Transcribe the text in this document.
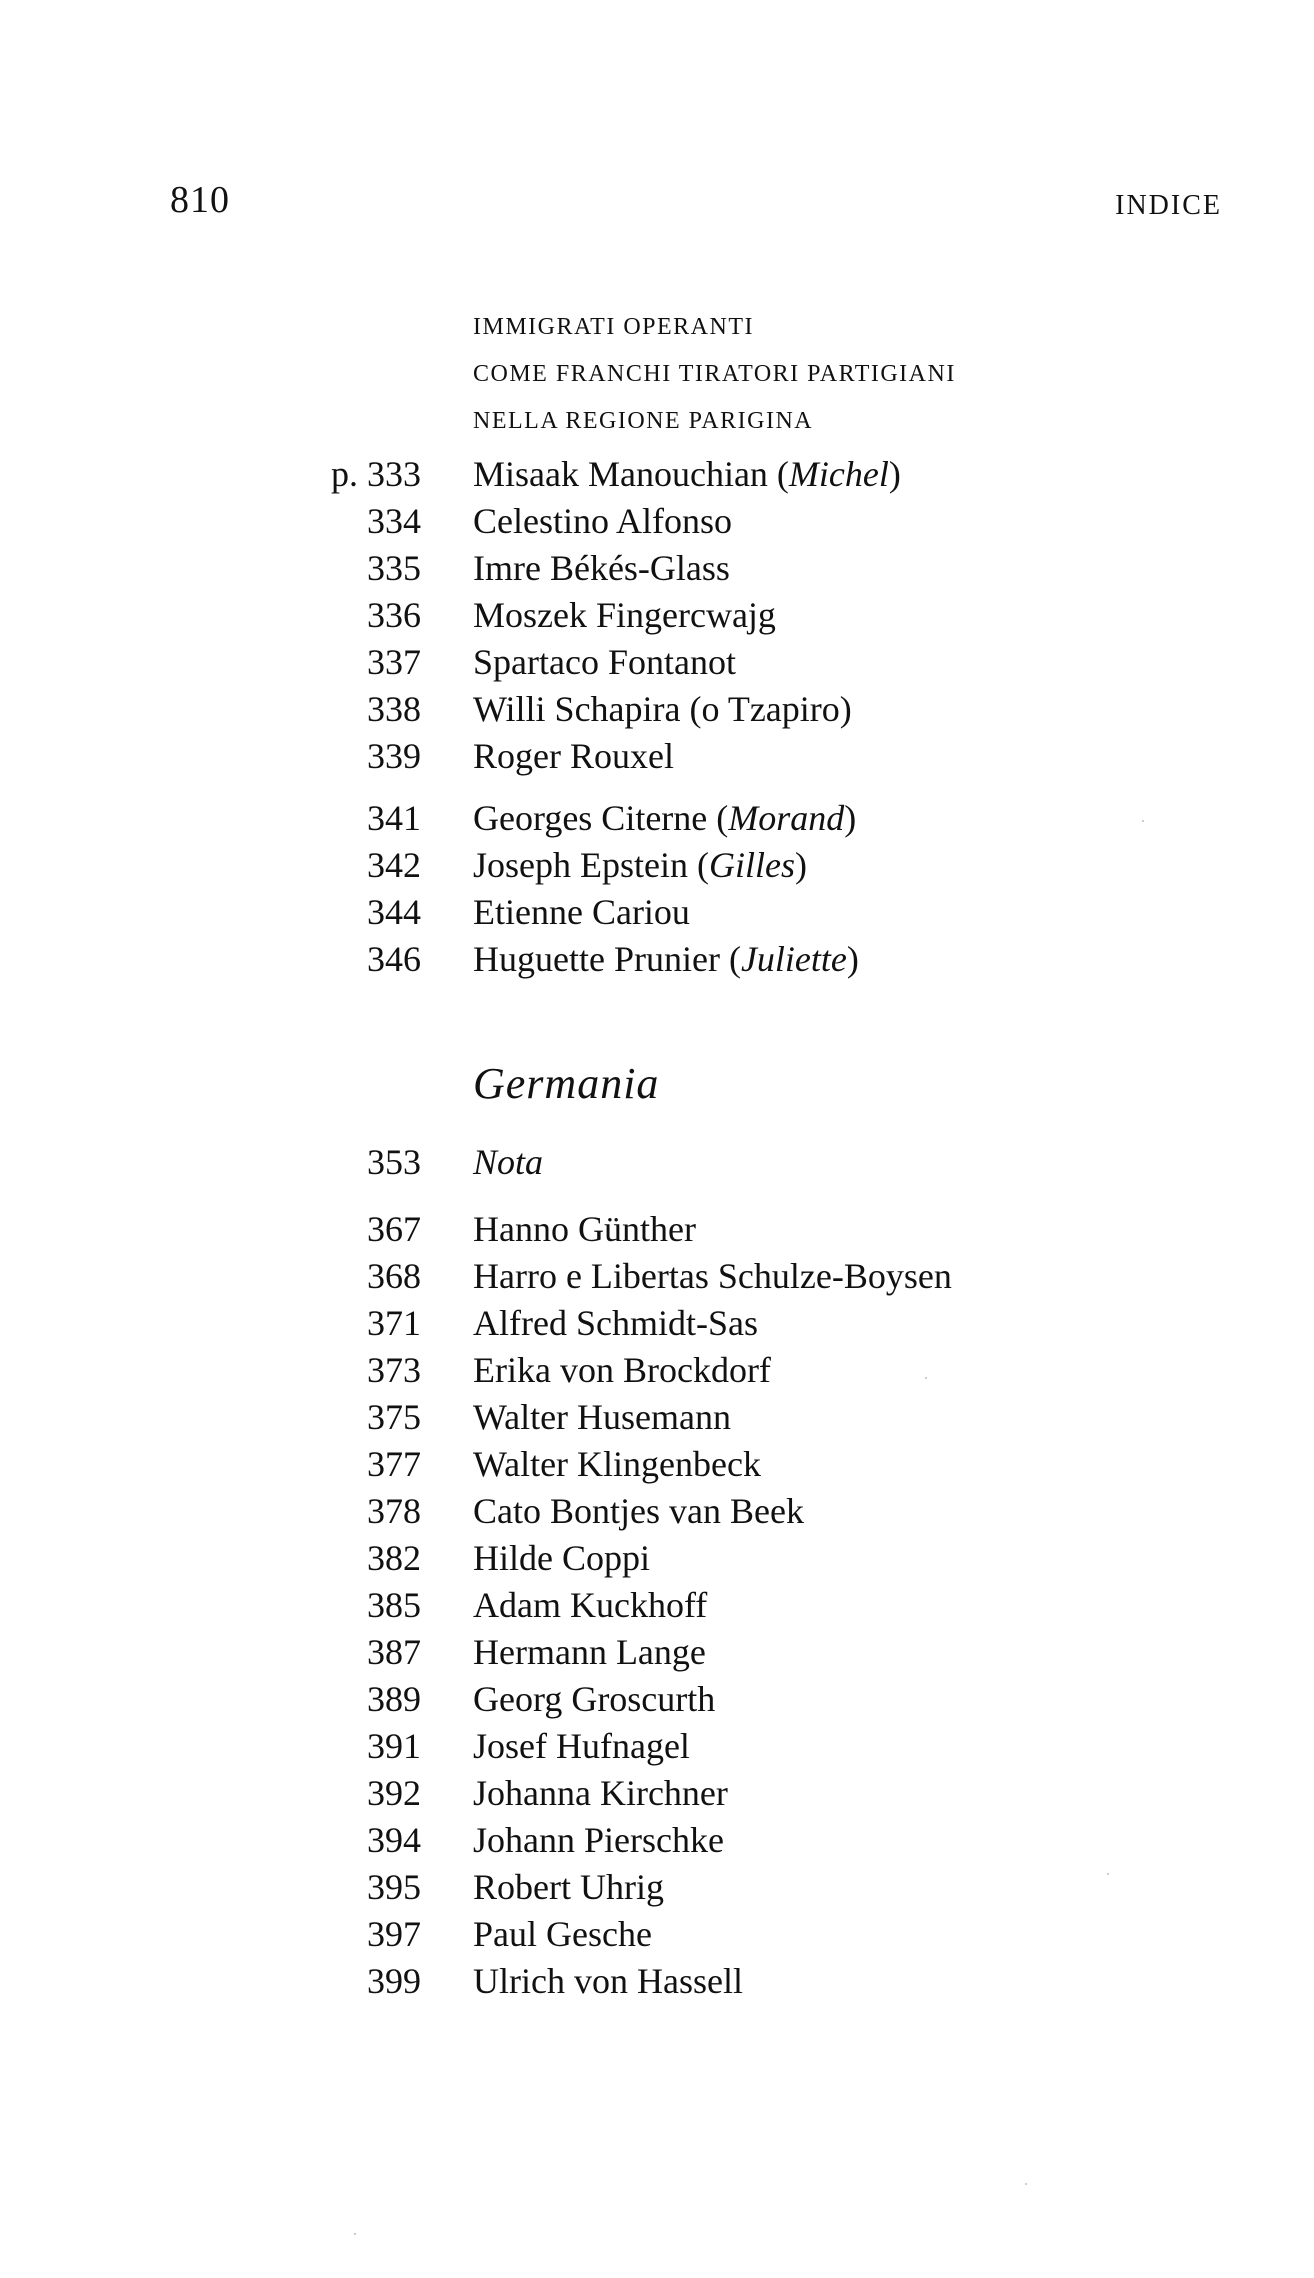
810	INDICE
IMMIGRATI OPERANTI
COME FRANCHI TIRATORI PARTIGIANI
NELLA REGIONE PARIGINA
p. 333 Misaak Manouchian (Michel)
334 Celestino Alfonso
335 Imre Békés-Glass
336 Moszek Fingercwajg
337 Spartaco Fontanot
338 Willi Schapira (o Tzapiro)
339 Roger Rouxel
341 Georges Citerne (Morand)
342 Joseph Epstein (Gilles)
344 Etienne Cariou
346 Huguette Prunier (Juliette)
Germania
353 Nota
367 Hanno Günther
368 Harro e Libertas Schulze-Boysen
371 Alfred Schmidt-Sas
373 Erika von Brockdorf
375 Walter Husemann
377 Walter Klingenbeck
378 Cato Bontjes van Beek
382 Hilde Coppi
385 Adam Kuckhoff
387 Hermann Lange
389 Georg Groscurth
391 Josef Hufnagel
392 Johanna Kirchner
394 Johann Pierschke
395 Robert Uhrig
397 Paul Gesche
399 Ulrich von Hassell
